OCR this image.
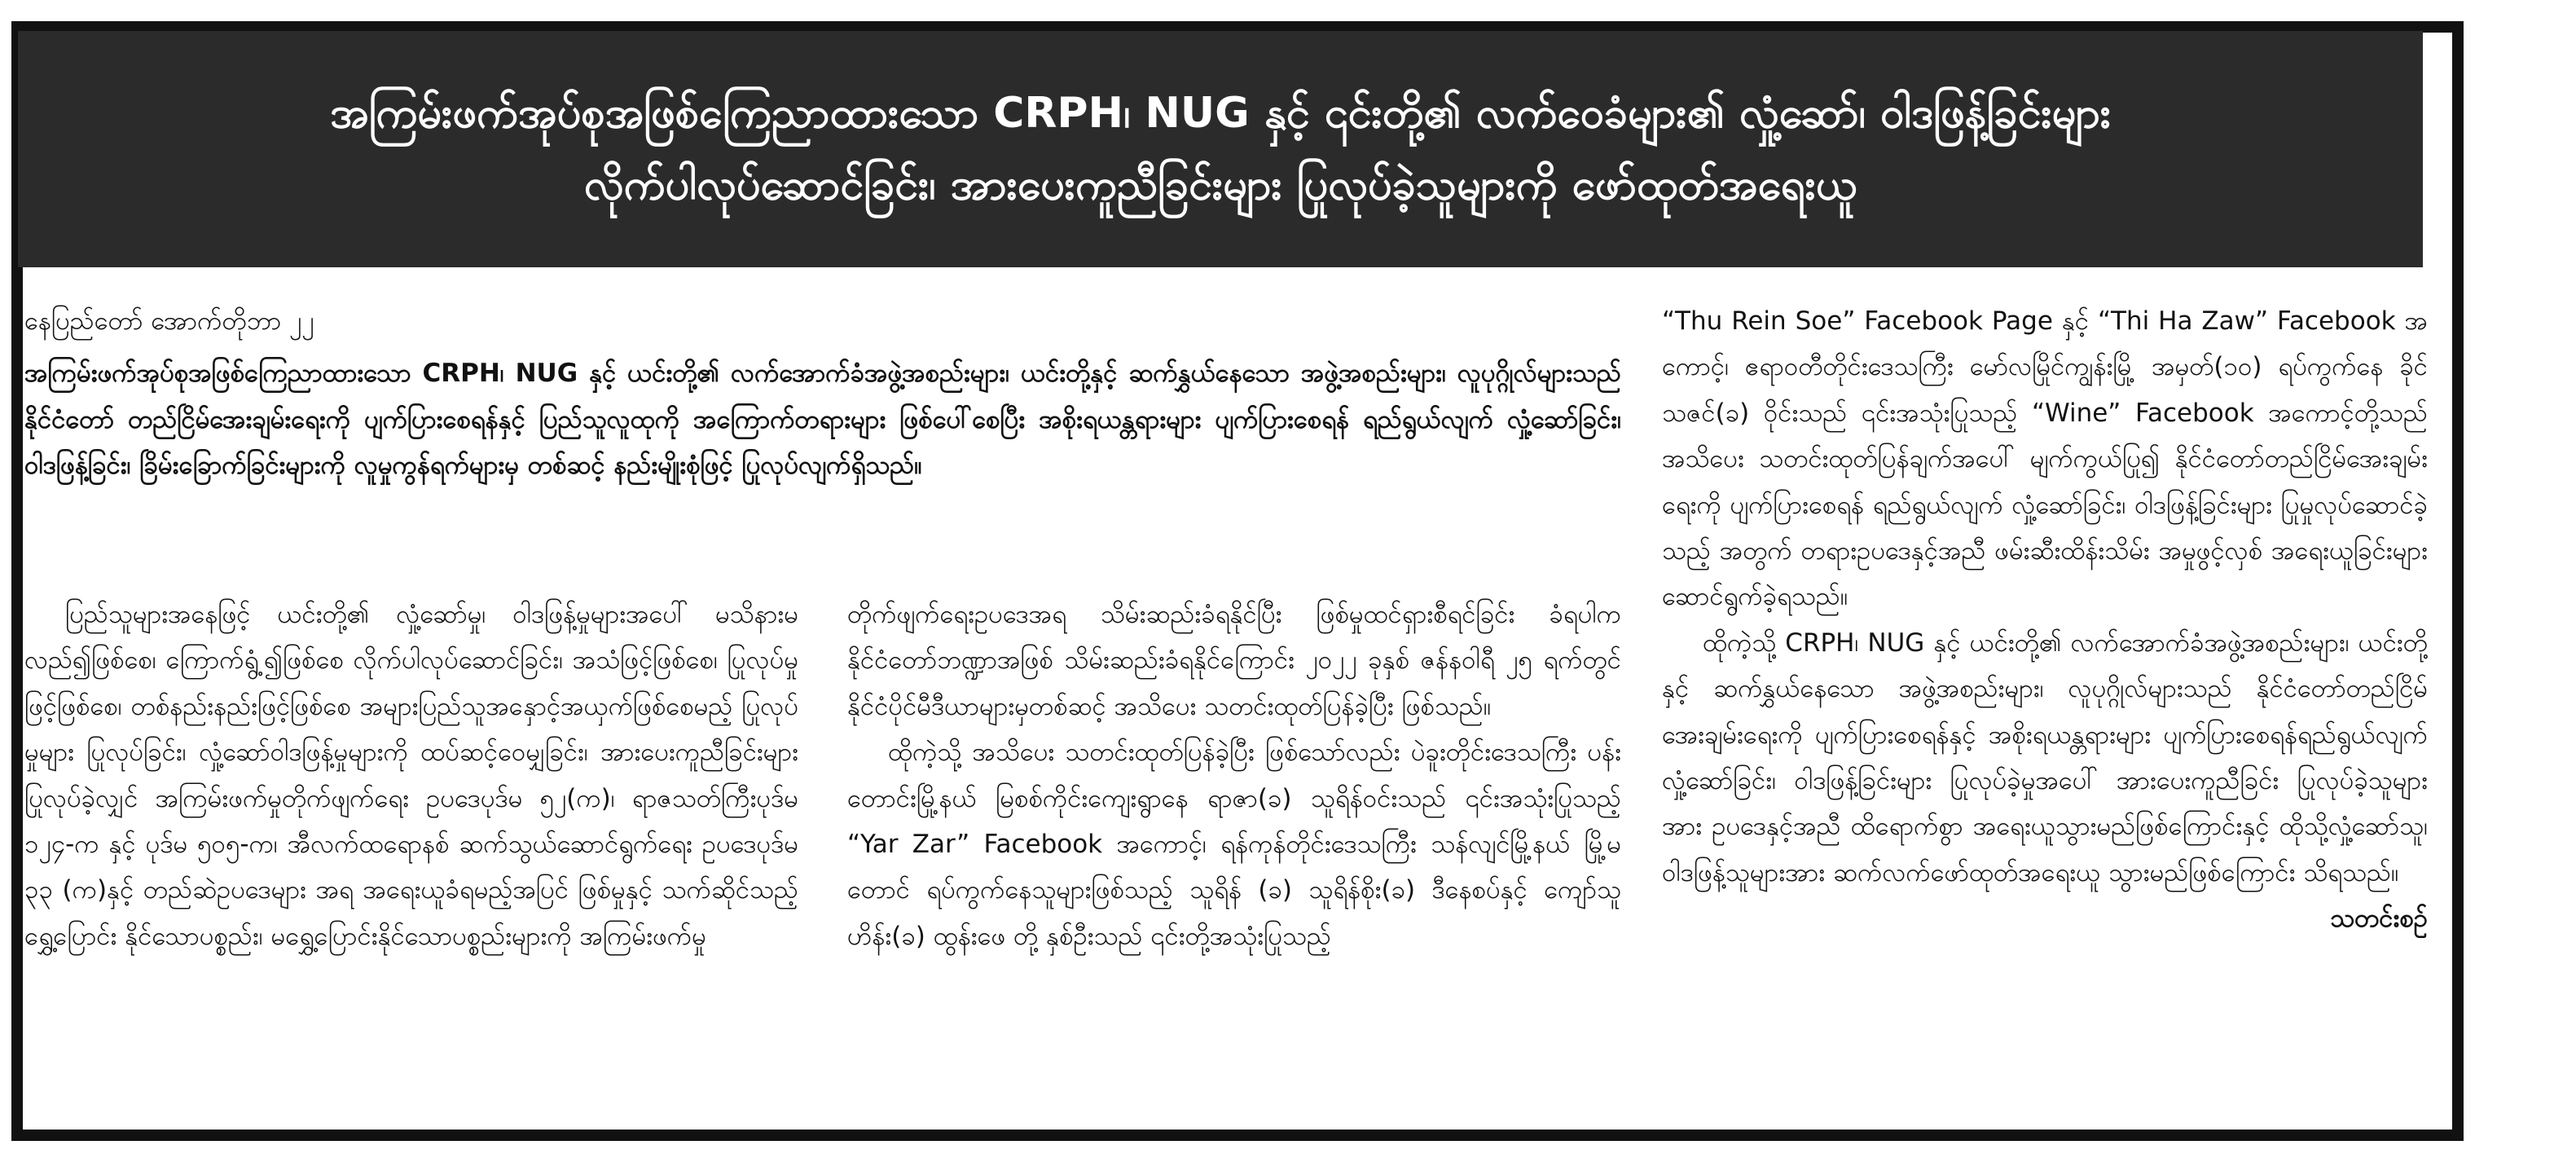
အကြမ်းဖက်အုပ်စုအဖြစ်ကြေညာထားသော CRPH၊ NUG နှင့် ၎င်းတို့၏ လက်ဝေခံများ၏ လှုံ့ဆော်၊ ဝါဒဖြန့်ခြင်းများ
လိုက်ပါလုပ်ဆောင်ခြင်း၊ အားပေးကူညီခြင်းများ ပြုလုပ်ခဲ့သူများကို ဖော်ထုတ်အရေးယူ

နေပြည်တော် အောက်တိုဘာ ၂၂

အကြမ်းဖက်အုပ်စုအဖြစ်ကြေညာထားသော CRPH၊ NUG နှင့် ယင်းတို့၏ လက်အောက်ခံအဖွဲ့အစည်းများ၊ ယင်းတို့နှင့် ဆက်နွှယ်နေသော အဖွဲ့အစည်းများ၊ လူပုဂ္ဂိုလ်များသည် နိုင်ငံတော် တည်ငြိမ်အေးချမ်းရေးကို ပျက်ပြားစေရန်နှင့် ပြည်သူလူထုကို အကြောက်တရားများ ဖြစ်ပေါ်စေပြီး အစိုးရယန္တရားများ ပျက်ပြားစေရန် ရည်ရွယ်လျက် လှုံ့ဆော်ခြင်း၊ ဝါဒဖြန့်ခြင်း၊ ခြိမ်းခြောက်ခြင်းများကို လူမှုကွန်ရက်များမှ တစ်ဆင့် နည်းမျိုးစုံဖြင့် ပြုလုပ်လျက်ရှိသည်။

ပြည်သူများအနေဖြင့် ယင်းတို့၏ လှုံ့ဆော်မှု၊ ဝါဒဖြန့်မှုများအပေါ် မသိနားမလည်၍ဖြစ်စေ၊ ကြောက်ရွံ့၍ဖြစ်စေ လိုက်ပါလုပ်ဆောင်ခြင်း၊ အသံဖြင့်ဖြစ်စေ၊ ပြုလုပ်မှုဖြင့်ဖြစ်စေ၊ တစ်နည်းနည်းဖြင့်ဖြစ်စေ အများပြည်သူအနှောင့်အယှက်ဖြစ်စေမည့် ပြုလုပ်မှုများ ပြုလုပ်ခြင်း၊ လှုံ့ဆော်ဝါဒဖြန့်မှုများကို ထပ်ဆင့်ဝေမျှခြင်း၊ အားပေးကူညီခြင်းများ ပြုလုပ်ခဲ့လျှင် အကြမ်းဖက်မှုတိုက်ဖျက်ရေး ဥပဒေပုဒ်မ ၅၂(က)၊ ရာဇသတ်ကြီးပုဒ်မ ၁၂၄-က နှင့် ပုဒ်မ ၅၀၅-က၊ အီလက်ထရောနစ် ဆက်သွယ်ဆောင်ရွက်ရေး ဥပဒေပုဒ်မ ၃၃ (က)နှင့် တည်ဆဲဥပဒေများ အရ အရေးယူခံရမည့်အပြင် ဖြစ်မှုနှင့် သက်ဆိုင်သည့် ရွှေ့ပြောင်း နိုင်သောပစ္စည်း၊ မရွှေ့ပြောင်းနိုင်သောပစ္စည်းများကို အကြမ်းဖက်မှု

တိုက်ဖျက်ရေးဥပဒေအရ သိမ်းဆည်းခံရနိုင်ပြီး ဖြစ်မှုထင်ရှားစီရင်ခြင်း ခံရပါက နိုင်ငံတော်ဘဏ္ဍာအဖြစ် သိမ်းဆည်းခံရနိုင်ကြောင်း ၂၀၂၂ ခုနှစ် ဇန်နဝါရီ ၂၅ ရက်တွင် နိုင်ငံပိုင်မီဒီယာများမှတစ်ဆင့် အသိပေး သတင်းထုတ်ပြန်ခဲ့ပြီး ဖြစ်သည်။

ထိုကဲ့သို့ အသိပေး သတင်းထုတ်ပြန်ခဲ့ပြီး ဖြစ်သော်လည်း ပဲခူးတိုင်းဒေသကြီး ပန်းတောင်းမြို့နယ် မြစစ်ကိုင်းကျေးရွာနေ ရာဇာ(ခ) သူရိန်ဝင်းသည် ၎င်းအသုံးပြုသည့် “Yar Zar” Facebook အကောင့်၊ ရန်ကုန်တိုင်းဒေသကြီး သန်လျင်မြို့နယ် မြို့မတောင် ရပ်ကွက်နေသူများဖြစ်သည့် သူရိန် (ခ) သူရိန်စိုး(ခ) ဒီနေစပ်နှင့် ကျော်သူဟိန်း(ခ) ထွန်းဖေ တို့ နှစ်ဦးသည် ၎င်းတို့အသုံးပြုသည့်

“Thu Rein Soe” Facebook Page နှင့် “Thi Ha Zaw” Facebook အကောင့်၊ ဧရာဝတီတိုင်းဒေသကြီး မော်လမြိုင်ကျွန်းမြို့ အမှတ်(၁၀) ရပ်ကွက်နေ ခိုင်သဇင်(ခ) ဝိုင်းသည် ၎င်းအသုံးပြုသည့် “Wine” Facebook အကောင့်တို့သည် အသိပေး သတင်းထုတ်ပြန်ချက်အပေါ် မျက်ကွယ်ပြု၍ နိုင်ငံတော်တည်ငြိမ်အေးချမ်းရေးကို ပျက်ပြားစေရန် ရည်ရွယ်လျက် လှုံ့ဆော်ခြင်း၊ ဝါဒဖြန့်ခြင်းများ ပြုမှုလုပ်ဆောင်ခဲ့သည့် အတွက် တရားဥပဒေနှင့်အညီ ဖမ်းဆီးထိန်းသိမ်း အမှုဖွင့်လှစ် အရေးယူခြင်းများ ဆောင်ရွက်ခဲ့ရသည်။

ထိုကဲ့သို့ CRPH၊ NUG နှင့် ယင်းတို့၏ လက်အောက်ခံအဖွဲ့အစည်းများ၊ ယင်းတို့နှင့် ဆက်နွှယ်နေသော အဖွဲ့အစည်းများ၊ လူပုဂ္ဂိုလ်များသည် နိုင်ငံတော်တည်ငြိမ်အေးချမ်းရေးကို ပျက်ပြားစေရန်နှင့် အစိုးရယန္တရားများ ပျက်ပြားစေရန်ရည်ရွယ်လျက် လှုံ့ဆော်ခြင်း၊ ဝါဒဖြန့်ခြင်းများ ပြုလုပ်ခဲ့မှုအပေါ် အားပေးကူညီခြင်း ပြုလုပ်ခဲ့သူများ အား ဥပဒေနှင့်အညီ ထိရောက်စွာ အရေးယူသွားမည်ဖြစ်ကြောင်းနှင့် ထိုသို့လှုံ့ဆော်သူ၊ ဝါဒဖြန့်သူများအား ဆက်လက်ဖော်ထုတ်အရေးယူ သွားမည်ဖြစ်ကြောင်း သိရသည်။

သတင်းစဉ်
